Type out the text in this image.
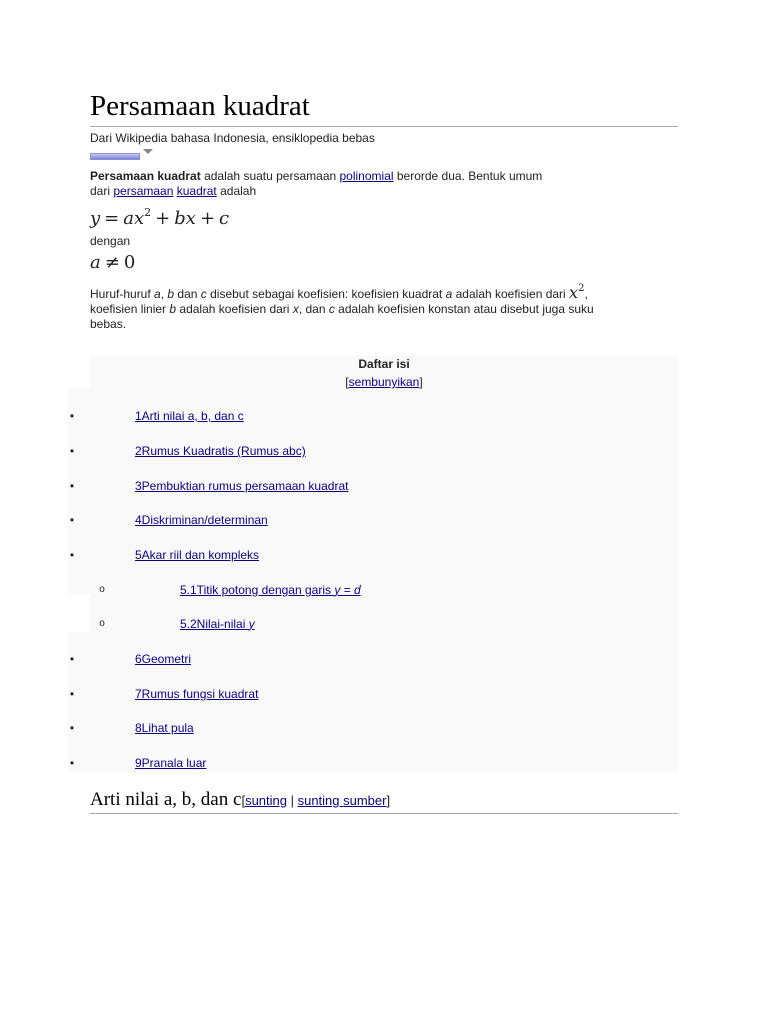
Persamaan kuadrat
Dari Wikipedia bahasa Indonesia, ensiklopedia bebas

Persamaan kuadrat adalah suatu persamaan polinomial berorde dua. Bentuk umum
dari persamaan kuadrat adalah

$y = ax^2$ + bx + c

dengan

a ≠ 0

Huruf-huruf a, b dan c disebut sebagai koefisien: koefisien kuadrat a adalah koefisien dari $x^2$,
koefisien linier b adalah koefisien dari x, dan c adalah koefisien konstan atau disebut juga suku
bebas.

Daftar isi
[sembunyikan]
•	1Arti nilai a, b, dan c
•	2Rumus Kuadratis (Rumus abc)
•	3Pembuktian rumus persamaan kuadrat
•	4Diskriminan/determinan
•	5Akar riil dan kompleks
o	5.1Titik potong dengan garis y = d
o	5.2Nilai-nilai y
•	6Geometri
•	7Rumus fungsi kuadrat
•	8Lihat pula
•	9Pranala luar
Arti nilai a, b, dan c[sunting | sunting sumber]
